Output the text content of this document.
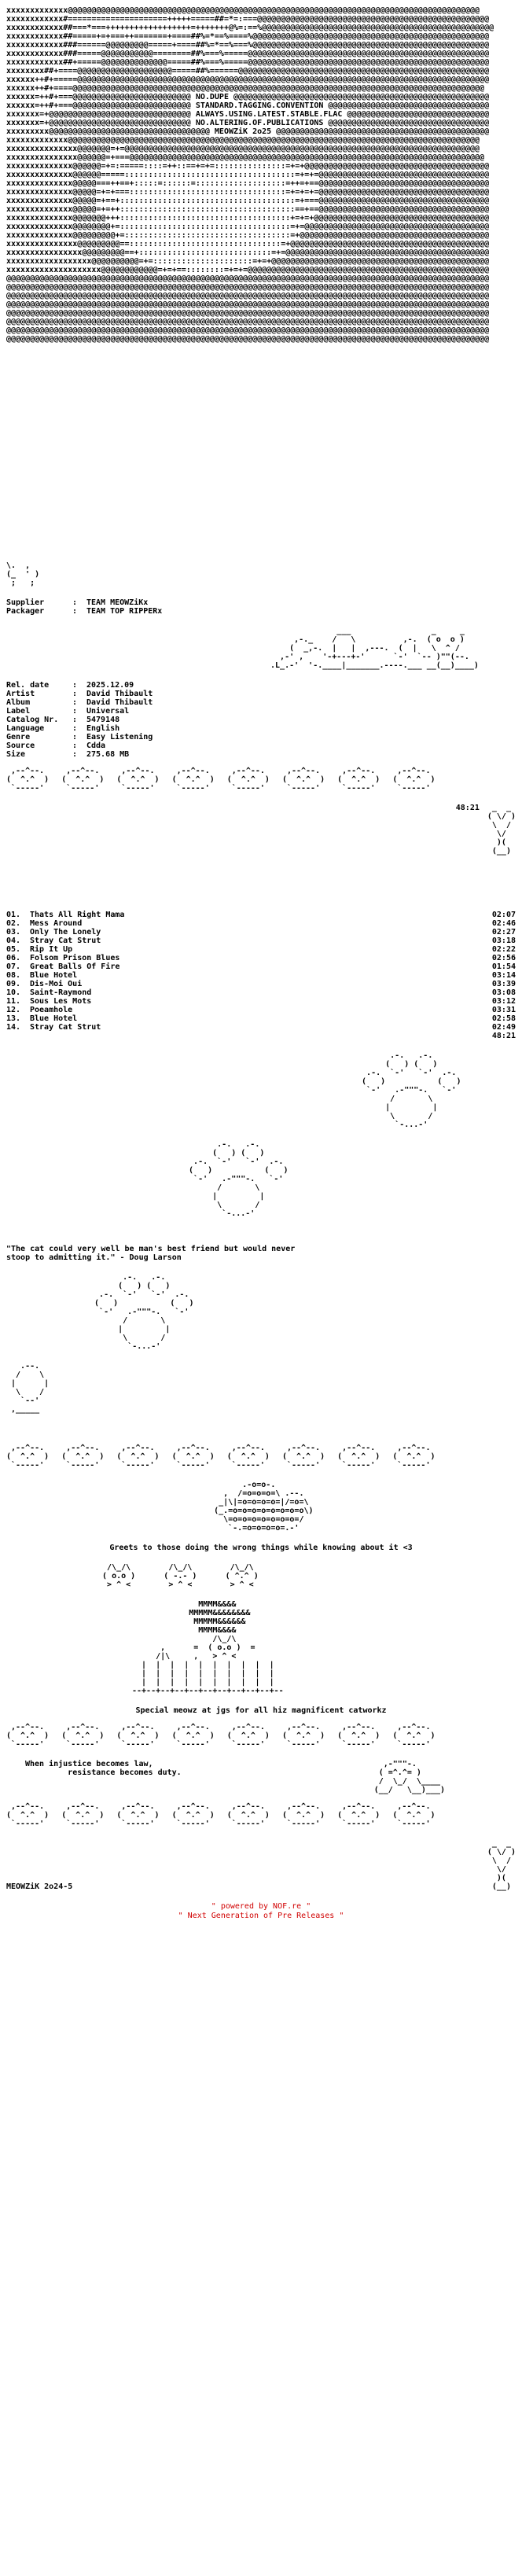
xxxxxxxxxxxxx@@@@@@@@@@@@@@@@@@@@@@@@@@@@@@@@@@@@@@@@@@@@@@@@@@@@@@@@@@@@@@@@@@@@@@@@@@@@@@@@@@@@@@@
xxxxxxxxxxxx#=====================+++++=====##=*=:===@@@@@@@@@@@@@@@@@@@@@@@@@@@@@@@@@@@@@@@@@@@@@@@@@
xxxxxxxxxxxx##===*===++++++++++++++++++=+++++++@%=:==%@@@@@@@@@@@@@@@@@@@@@@@@@@@@@@@@@@@@@@@@@@@@@@@@@
xxxxxxxxxxxx##=====+=+===++=======+====##%=*==%====%@@@@@@@@@@@@@@@@@@@@@@@@@@@@@@@@@@@@@@@@@@@@@@@@@@
xxxxxxxxxxxx###======@@@@@@@@@=====+====##%=*==%===%@@@@@@@@@@@@@@@@@@@@@@@@@@@@@@@@@@@@@@@@@@@@@@@@@@
xxxxxxxxxxxx###=====@@@@@@@@@@@========##%===%=====@@@@@@@@@@@@@@@@@@@@@@@@@@@@@@@@@@@@@@@@@@@@@@@@@@@
xxxxxxxxxxxx##+=====@@@@@@@@@@@@@@=====##%===%=====@@@@@@@@@@@@@@@@@@@@@@@@@@@@@@@@@@@@@@@@@@@@@@@@@@@
xxxxxxxx##+====@@@@@@@@@@@@@@@@@@@@=====##%======@@@@@@@@@@@@@@@@@@@@@@@@@@@@@@@@@@@@@@@@@@@@@@@@@@@@@
xxxxxx++#+=====@@@@@@@@@@@@@@@@@@@@@@@@@@@@@@@@@@@@@@@@@@@@@@@@@@@@@@@@@@@@@@@@@@@@@@@@@@@@@@@@@@@@@@@
xxxxxx++#+====@@@@@@@@@@@@@@@@@@@@@@@@@@@@@@@@@@@@@@@@@@@@@@@@@@@@@@@@@@@@@@@@@@@@@@@@@@@@@@@@@@@@@@@
xxxxxx=++#+===@@@@@@@@@@@@@@@@@@@@@@@@@ NO.DUPE @@@@@@@@@@@@@@@@@@@@@@@@@@@@@@@@@@@@@@@@@@@@@@@@@@@@@@
xxxxxx=++#+===@@@@@@@@@@@@@@@@@@@@@@@@@ STANDARD.TAGGING.CONVENTION @@@@@@@@@@@@@@@@@@@@@@@@@@@@@@@@@@
xxxxxxx=+@@@@@@@@@@@@@@@@@@@@@@@@@@@@@@ ALWAYS.USING.LATEST.STABLE.FLAC @@@@@@@@@@@@@@@@@@@@@@@@@@@@@@
xxxxxxx=+@@@@@@@@@@@@@@@@@@@@@@@@@@@@@@ NO.ALTERING.OF.PUBLICATIONS @@@@@@@@@@@@@@@@@@@@@@@@@@@@@@@@@@
xxxxxxxxx@@@@@@@@@@@@@@@@@@@@@@@@@@@@@@@@@@ MEOWZiK 2o25 @@@@@@@@@@@@@@@@@@@@@@@@@@@@@@@@@@@@@@@@@@@@@
xxxxxxxxxxxxx@@@@@@@@@@@@@@@@@@@@@@@@@@@@@@@@@@@@@@@@@@@@@@@@@@@@@@@@@@@@@@@@@@@@@@@@@@@@@@@@@@@@@@@
xxxxxxxxxxxxxxx@@@@@@@=+=@@@@@@@@@@@@@@@@@@@@@@@@@@@@@@@@@@@@@@@@@@@@@@@@@@@@@@@@@@@@@@@@@@@@@@@@@@@
xxxxxxxxxxxxxxx@@@@@@=+===@@@@@@@@@@@@@@@@@@@@@@@@@@@@@@@@@@@@@@@@@@@@@@@@@@@@@@@@@@@@@@@@@@@@@@@@@@@
xxxxxxxxxxxxxx@@@@@@=+=:=====::::=++::==+=+=:::::::::::::::=+=+@@@@@@@@@@@@@@@@@@@@@@@@@@@@@@@@@@@@@@@
xxxxxxxxxxxxxx@@@@@@=====::::::::::::::::::::::::::::::::::::=+=+=@@@@@@@@@@@@@@@@@@@@@@@@@@@@@@@@@@@@
xxxxxxxxxxxxxx@@@@@===++==+:::::=::::::=:::::::::::::::::::=++=+==@@@@@@@@@@@@@@@@@@@@@@@@@@@@@@@@@@@@
xxxxxxxxxxxxxx@@@@@=+=+===:::::::::::::::::::::::::::::::::=+=+=+=@@@@@@@@@@@@@@@@@@@@@@@@@@@@@@@@@@@@
xxxxxxxxxxxxxx@@@@@=+==+:::::::::::::::::::::::::::::::::::::=+===@@@@@@@@@@@@@@@@@@@@@@@@@@@@@@@@@@@@
xxxxxxxxxxxxxx@@@@@=+=++:::::::::::::::::::::::::::::::::::::==+==@@@@@@@@@@@@@@@@@@@@@@@@@@@@@@@@@@@@
xxxxxxxxxxxxxx@@@@@@@+++::::::::::::::::::::::::::::::::::::+=+=+@@@@@@@@@@@@@@@@@@@@@@@@@@@@@@@@@@@@@
xxxxxxxxxxxxxx@@@@@@@@+=::::::::::::::::::::::::::::::::::::=+=@@@@@@@@@@@@@@@@@@@@@@@@@@@@@@@@@@@@@@@
xxxxxxxxxxxxxx@@@@@@@@@+=:::::::::::::::::::::::::::::::::::=+@@@@@@@@@@@@@@@@@@@@@@@@@@@@@@@@@@@@@@@@
xxxxxxxxxxxxxxx@@@@@@@@@==::::::::::::::::::::::::::::::::=+@@@@@@@@@@@@@@@@@@@@@@@@@@@@@@@@@@@@@@@@@@
xxxxxxxxxxxxxxxx@@@@@@@@@==+::::::::::::::::::::::::::::=+=@@@@@@@@@@@@@@@@@@@@@@@@@@@@@@@@@@@@@@@@@@@
xxxxxxxxxxxxxxxxxx@@@@@@@@@@=+=:::::::::::::::::::::=+=+@@@@@@@@@@@@@@@@@@@@@@@@@@@@@@@@@@@@@@@@@@@@@@
xxxxxxxxxxxxxxxxxxxx@@@@@@@@@@@@=+=+==::::::::=+=+=@@@@@@@@@@@@@@@@@@@@@@@@@@@@@@@@@@@@@@@@@@@@@@@@@@@
@@@@@@@@@@@@@@@@@@@@@@@@@@@@@@@@@@@@@@@@@@@@@@@@@@@@@@@@@@@@@@@@@@@@@@@@@@@@@@@@@@@@@@@@@@@@@@@@@@@@@@
@@@@@@@@@@@@@@@@@@@@@@@@@@@@@@@@@@@@@@@@@@@@@@@@@@@@@@@@@@@@@@@@@@@@@@@@@@@@@@@@@@@@@@@@@@@@@@@@@@@@@@
@@@@@@@@@@@@@@@@@@@@@@@@@@@@@@@@@@@@@@@@@@@@@@@@@@@@@@@@@@@@@@@@@@@@@@@@@@@@@@@@@@@@@@@@@@@@@@@@@@@@@@
@@@@@@@@@@@@@@@@@@@@@@@@@@@@@@@@@@@@@@@@@@@@@@@@@@@@@@@@@@@@@@@@@@@@@@@@@@@@@@@@@@@@@@@@@@@@@@@@@@@@@@
@@@@@@@@@@@@@@@@@@@@@@@@@@@@@@@@@@@@@@@@@@@@@@@@@@@@@@@@@@@@@@@@@@@@@@@@@@@@@@@@@@@@@@@@@@@@@@@@@@@@@@
@@@@@@@@@@@@@@@@@@@@@@@@@@@@@@@@@@@@@@@@@@@@@@@@@@@@@@@@@@@@@@@@@@@@@@@@@@@@@@@@@@@@@@@@@@@@@@@@@@@@@@
@@@@@@@@@@@@@@@@@@@@@@@@@@@@@@@@@@@@@@@@@@@@@@@@@@@@@@@@@@@@@@@@@@@@@@@@@@@@@@@@@@@@@@@@@@@@@@@@@@@@@@
@@@@@@@@@@@@@@@@@@@@@@@@@@@@@@@@@@@@@@@@@@@@@@@@@@@@@@@@@@@@@@@@@@@@@@@@@@@@@@@@@@@@@@@@@@@@@@@@@@@@@@
\.  ,
(_  ' )
;   ;
Supplier	:	TEAM MEOWZiKx
Packager	:	TEAM TOP RIPPERx
___                 _     _
,-._    /   \          ,-.  ( o  o )
(  _,-.  |   |  ,---.  (  |   \  ^ /
,-' ,    '-+---+-'      `-'  `-- )""(--.
.L_.-'  '-.____|_______.----.___ __(__)____)
Rel. date	:	2025.12.09
Artist	:	David Thibault
Album	:	David Thibault
Label	:	Universal
Catalog Nr.	:	5479148
Language	:	English
Genre	:	Easy Listening
Source	:	Cdda
Size	:	275.68 MB
,--^--.
(  ^.^  )
`-----'
,--^--.
(  ^.^  )
`-----'
,--^--.
(  ^.^  )
`-----'
,--^--.
(  ^.^  )
`-----'
,--^--.
(  ^.^  )
`-----'
,--^--.
(  ^.^  )
`-----'
,--^--.
(  ^.^  )
`-----'
,--^--.
(  ^.^  )
`-----'
48:21	_  _
( \/ )
\  /
\/
)(
(__)
01. Thats All Right Mama	02:07
02. Mess Around	02:46
03. Only The Lonely	02:27
04. Stray Cat Strut	03:18
05. Rip It Up	02:22
06. Folsom Prison Blues	02:56
07. Great Balls Of Fire	01:54
08. Blue Hotel	03:14
09. Dis-Moi Oui	03:39
10. Saint-Raymond	03:08
11. Sous Les Mots	03:12
12. Poeamhole	03:31
13. Blue Hotel	02:58
14. Stray Cat Strut	02:49
48:21
.-.   .-.
(   ) (   )
.-.  `-'   `-'  .-.
(   )           (   )
`-'   .-"""-.   `-'
/       \
|         |
\       /
`-...-'
.-.   .-.
(   ) (   )
.-.  `-'   `-'  .-.
(   )           (   )
`-'   .-"""-.   `-'
/       \
|         |
\       /
`-...-'
"The cat could very well be man's best friend but would never
stoop to admitting it." - Doug Larson
.-.   .-.
(   ) (   )
.-.  `-'   `-'  .-.
(   )           (   )
`-'   .-"""-.   `-'
/       \
|         |
\       /
`-...-'
.--.
/    \
|      |
\    /
`--'
,_____
,--^--.
(  ^.^  )
`-----'
,--^--.
(  ^.^  )
`-----'
,--^--.
(  ^.^  )
`-----'
,--^--.
(  ^.^  )
`-----'
,--^--.
(  ^.^  )
`-----'
,--^--.
(  ^.^  )
`-----'
,--^--.
(  ^.^  )
`-----'
,--^--.
(  ^.^  )
`-----'
.-o=o-.
,  /=o=o=o=\ .--.
_|\|=o=o=o=o=|/=o=\
(_.=o=o=o=o=o=o=o=o\)
\=o=o=o=o=o=o=o=/
`-.=o=o=o=o=.-'
Greets to those doing the wrong things while knowing about it <3
/\_/\        /\_/\        /\_/\
( o.o )      ( -.- )      ( ^.^ )
> ^ <        > ^ <        > ^ <
MMMM&&&&
MMMMM&&&&&&&&
MMMMM&&&&&&
MMMM&&&&
/\_/\
,      =  ( o.o )  =
/|\     ,   > ^ <
|  |  |  |  |  |  |  |  |  |
|  |  |  |  |  |  |  |  |  |
|  |  |  |  |  |  |  |  |  |
--+--+--+--+--+--+--+--+--+--+--
Special meowz at jgs for all hiz magnificent catworkz
,--^--.
(  ^.^  )
`-----'
,--^--.
(  ^.^  )
`-----'
,--^--.
(  ^.^  )
`-----'
,--^--.
(  ^.^  )
`-----'
,--^--.
(  ^.^  )
`-----'
,--^--.
(  ^.^  )
`-----'
,--^--.
(  ^.^  )
`-----'
,--^--.
(  ^.^  )
`-----'
When injustice becomes law,
resistance becomes duty.
,-"""-.
( =^.^= )
/  \_/  \____
(__/   \__)___)
,--^--.
(  ^.^  )
`-----'
,--^--.
(  ^.^  )
`-----'
,--^--.
(  ^.^  )
`-----'
,--^--.
(  ^.^  )
`-----'
,--^--.
(  ^.^  )
`-----'
,--^--.
(  ^.^  )
`-----'
,--^--.
(  ^.^  )
`-----'
,--^--.
(  ^.^  )
`-----'
MEOWZiK 2o24-5
_  _
( \/ )
\  /
\/
)(
(__)
" powered by NOF.re "
" Next Generation of Pre Releases "
